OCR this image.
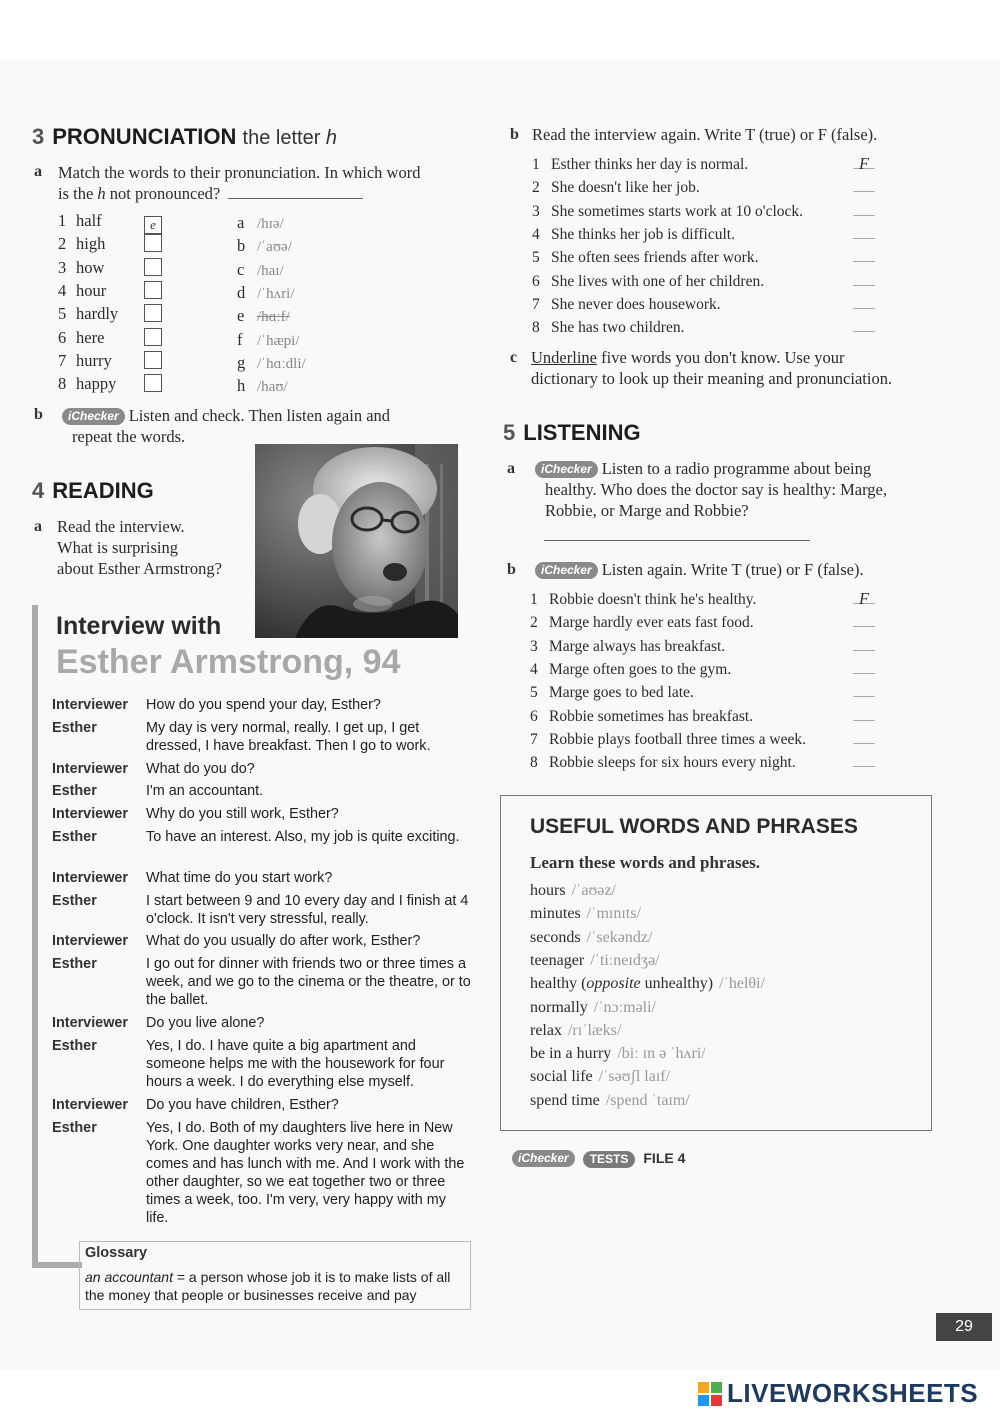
3 PRONUNCIATION the letter h
a Match the words to their pronunciation. In which word
is the h not pronounced?
1 half	e
2 high
3 how
4 hour
5 hardly
6 here
7 hurry
8 happy
a /hɪə/
b /ˈaʊə/
c /haɪ/
d /ˈhʌri/
e /hɑːf/
f /ˈhæpi/
g /ˈhɑːdli/
h /haʊ/
b	iChecker Listen and check. Then listen again and
repeat the words.
4 READING
a Read the interview.
What is surprising
about Esther Armstrong?
Interview with
Esther Armstrong, 94
Interviewer How do you spend your day, Esther?
Esther	My day is very normal, really. I get up, I get dressed, I have breakfast. Then I go to work.
Interviewer What do you do?
Esther	I'm an accountant.
Interviewer Why do you still work, Esther?
Esther	To have an interest. Also, my job is quite exciting.
Interviewer What time do you start work?
Esther	I start between 9 and 10 every day and I finish at 4 o'clock. It isn't very stressful, really.
Interviewer What do you usually do after work, Esther?
Esther	I go out for dinner with friends two or three times a week, and we go to the cinema or the theatre, or to the ballet.
Interviewer Do you live alone?
Esther	Yes, I do. I have quite a big apartment and someone helps me with the housework for four hours a week. I do everything else myself.
Interviewer Do you have children, Esther?
Esther	Yes, I do. Both of my daughters live here in New York. One daughter works very near, and she comes and has lunch with me. And I work with the other daughter, so we eat together two or three times a week, too. I'm very, very happy with my life.
Glossary
an accountant = a person whose job it is to make lists of all the money that people or businesses receive and pay
b Read the interview again. Write T (true) or F (false).
1 Esther thinks her day is normal.	F
2 She doesn't like her job.
3 She sometimes starts work at 10 o'clock.
4 She thinks her job is difficult.
5 She often sees friends after work.
6 She lives with one of her children.
7 She never does housework.
8 She has two children.
c Underline five words you don't know. Use your
dictionary to look up their meaning and pronunciation.
5 LISTENING
a	iChecker Listen to a radio programme about being
healthy. Who does the doctor say is healthy: Marge,
Robbie, or Marge and Robbie?
b	iChecker Listen again. Write T (true) or F (false).
1 Robbie doesn't think he's healthy.	F
2 Marge hardly ever eats fast food.
3 Marge always has breakfast.
4 Marge often goes to the gym.
5 Marge goes to bed late.
6 Robbie sometimes has breakfast.
7 Robbie plays football three times a week.
8 Robbie sleeps for six hours every night.
USEFUL WORDS AND PHRASES
Learn these words and phrases.
hours /ˈaʊəz/
minutes /ˈmɪnɪts/
seconds /ˈsekəndz/
teenager /ˈtiːneɪdʒə/
healthy (opposite unhealthy) /ˈhelθi/
normally /ˈnɔːməli/
relax /rɪˈlæks/
be in a hurry /biː ɪn ə ˈhʌri/
social life /ˈsəʊʃl laɪf/
spend time /spend ˈtaɪm/
iChecker TESTS FILE 4
29
LIVEWORKSHEETS
